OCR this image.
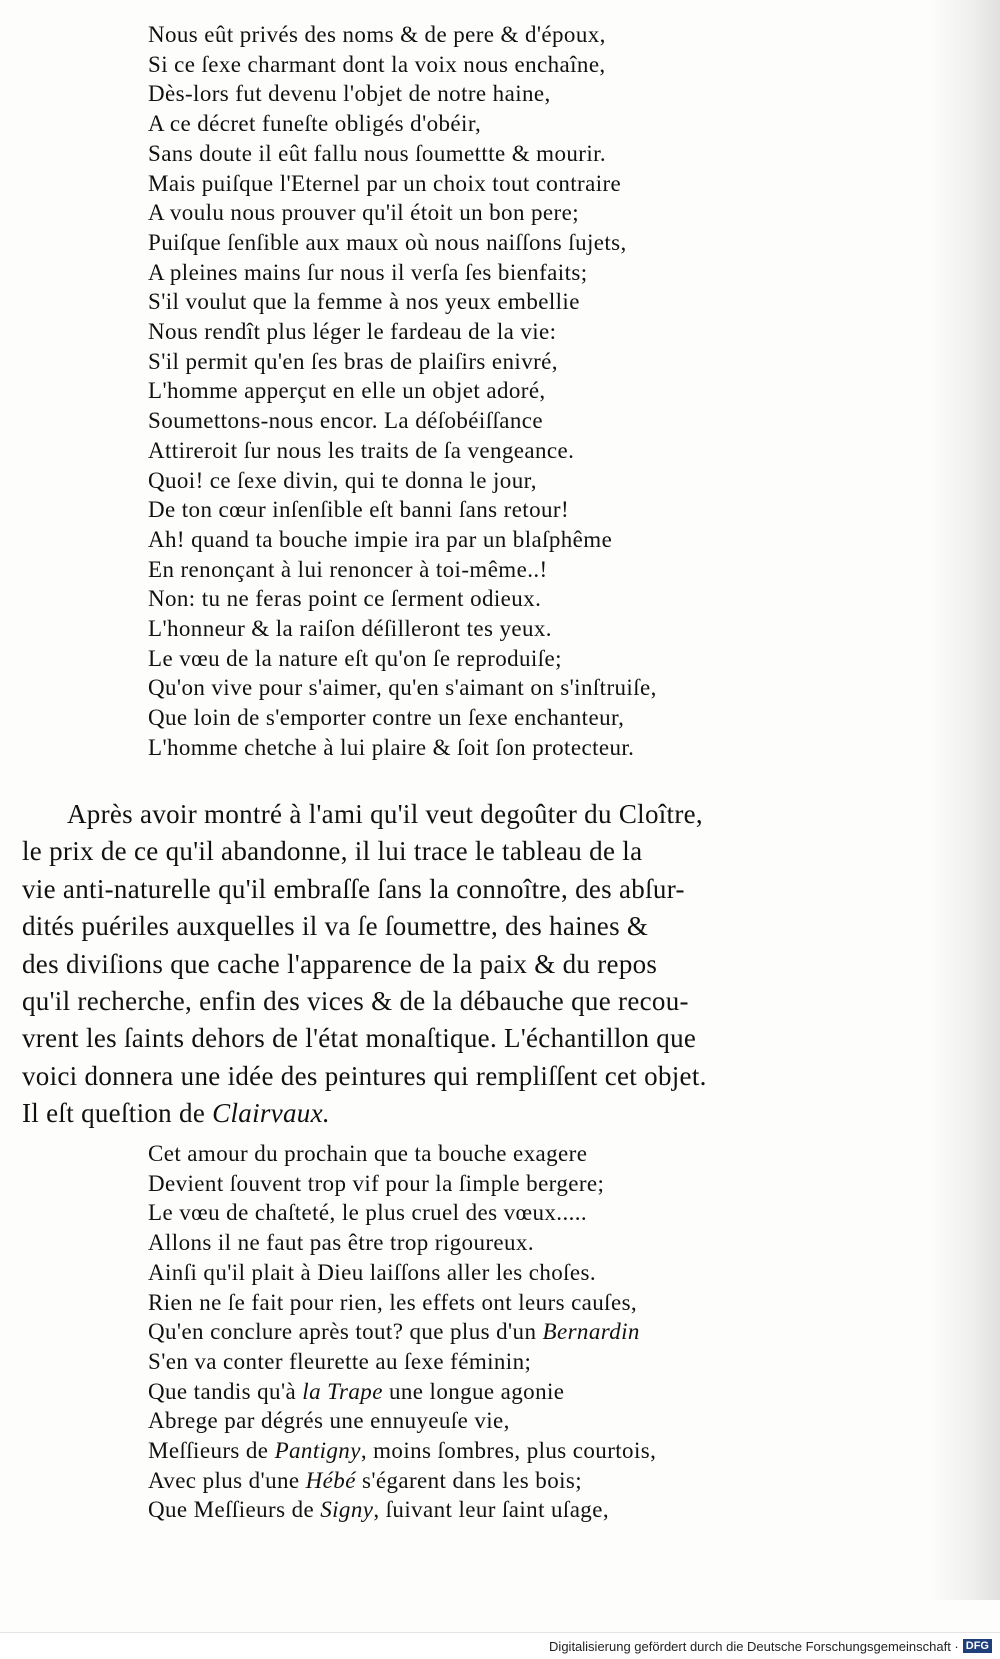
Nous eût privés des noms & de pere & d'époux,
Si ce ſexe charmant dont la voix nous enchaîne,
Dès-lors fut devenu l'objet de notre haine,
A ce décret funeſte obligés d'obéir,
Sans doute il eût fallu nous ſoumettte & mourir.
Mais puiſque l'Eternel par un choix tout contraire
A voulu nous prouver qu'il étoit un bon pere;
Puiſque ſenſible aux maux où nous naiſſons ſujets,
A pleines mains ſur nous il verſa ſes bienfaits;
S'il voulut que la femme à nos yeux embellie
Nous rendît plus léger le fardeau de la vie:
S'il permit qu'en ſes bras de plaiſirs enivré,
L'homme apperçut en elle un objet adoré,
Soumettons-nous encor. La déſobéiſſance
Attireroit ſur nous les traits de ſa vengeance.
Quoi! ce ſexe divin, qui te donna le jour,
De ton cœur inſenſible eſt banni ſans retour!
Ah! quand ta bouche impie ira par un blaſphême
En renonçant à lui renoncer à toi-même..!
Non: tu ne feras point ce ſerment odieux.
L'honneur & la raiſon déſilleront tes yeux.
Le vœu de la nature eſt qu'on ſe reproduiſe;
Qu'on vive pour s'aimer, qu'en s'aimant on s'inſtruiſe,
Que loin de s'emporter contre un ſexe enchanteur,
L'homme chetche à lui plaire & ſoit ſon protecteur.

Après avoir montré à l'ami qu'il veut degoûter du Cloître,

le prix de ce qu'il abandonne, il lui trace le tableau de la

vie anti-naturelle qu'il embraſſe ſans la connoître, des abſur-

dités puériles auxquelles il va ſe ſoumettre, des haines &

des diviſions que cache l'apparence de la paix & du repos

qu'il recherche, enfin des vices & de la débauche que recou-

vrent les ſaints dehors de l'état monaſtique. L'échantillon que

voici donnera une idée des peintures qui rempliſſent cet objet.

Il eſt queſtion de Clairvaux.

Cet amour du prochain que ta bouche exagere
Devient ſouvent trop vif pour la ſimple bergere;
Le vœu de chaſteté, le plus cruel des vœux.....
Allons il ne faut pas être trop rigoureux.
Ainſi qu'il plait à Dieu laiſſons aller les choſes.
Rien ne ſe fait pour rien, les effets ont leurs cauſes,
Qu'en conclure après tout? que plus d'un Bernardin
S'en va conter fleurette au ſexe féminin;
Que tandis qu'à la Trape une longue agonie
Abrege par dégrés une ennuyeuſe vie,
Meſſieurs de Pantigny, moins ſombres, plus courtois,
Avec plus d'une Hébé s'égarent dans les bois;
Que Meſſieurs de Signy, ſuivant leur ſaint uſage,
Digitalisierung gefördert durch die Deutsche Forschungsgemeinschaft · DFG
